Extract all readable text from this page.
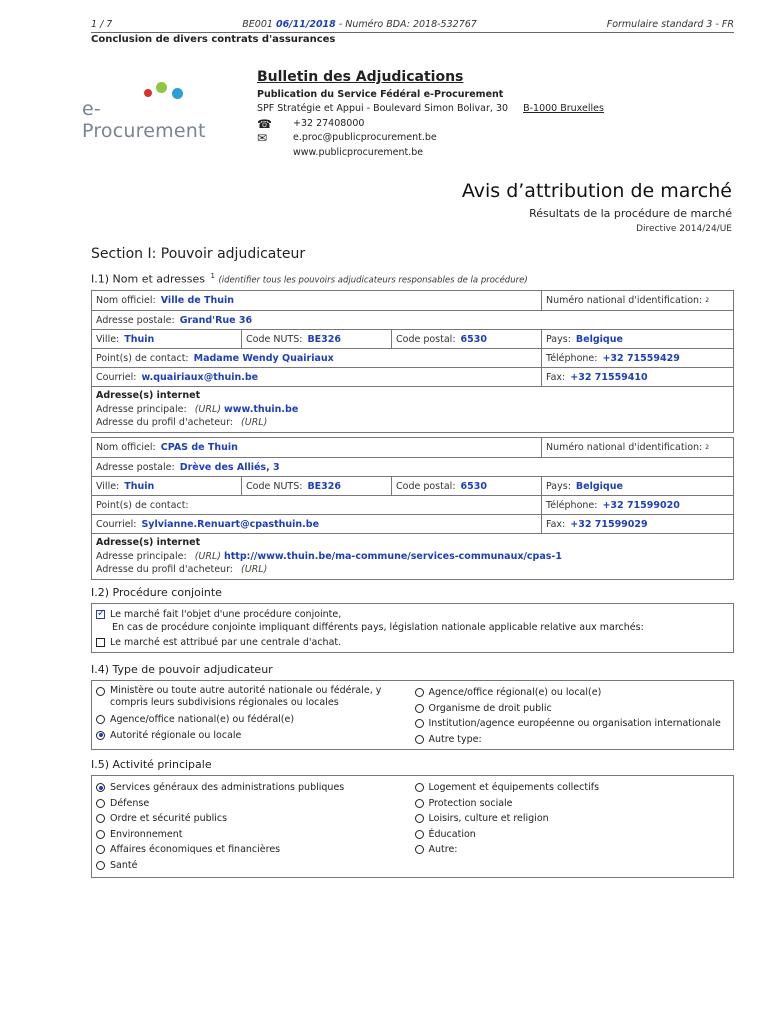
1 / 7	BE001 06/11/2018 - Numéro BDA: 2018-532767	Formulaire standard 3 - FR
Conclusion de divers contrats d'assurances
e-Procurement
Bulletin des Adjudications
Publication du Service Fédéral e-Procurement
SPF Stratégie et Appui - Boulevard Simon Bolivar, 30 B-1000 Bruxelles
☎ +32 27408000
✉	e.proc@publicprocurement.be
www.publicprocurement.be
Avis d’attribution de marché
Résultats de la procédure de marché
Directive 2014/24/UE
Section I: Pouvoir adjudicateur
I.1) Nom et adresses $^1$ (identifier tous les pouvoirs adjudicateurs responsables de la procédure)
Nom officiel: Ville de Thuin	Numéro national d'identification: 2
Adresse postale: Grand'Rue 36
Ville: Thuin	Code NUTS: BE326	Code postal: 6530	Pays: Belgique
Point(s) de contact: Madame Wendy Quairiaux	Téléphone: +32 71559429
Courriel: w.quairiaux@thuin.be	Fax: +32 71559410
Adresse(s) internet
Adresse principale: (URL) www.thuin.be
Adresse du profil d'acheteur: (URL)
Nom officiel: CPAS de Thuin	Numéro national d'identification: 2
Adresse postale: Drève des Alliés, 3
Ville: Thuin	Code NUTS: BE326	Code postal: 6530	Pays: Belgique
Point(s) de contact:	Téléphone: +32 71599020
Courriel: Sylvianne.Renuart@cpasthuin.be	Fax: +32 71599029
Adresse(s) internet
Adresse principale: (URL) http://www.thuin.be/ma-commune/services-communaux/cpas-1
Adresse du profil d'acheteur: (URL)
I.2) Procédure conjointe
✓ Le marché fait l'objet d'une procédure conjointe,
En cas de procédure conjointe impliquant différents pays, législation nationale applicable relative aux marchés:
Le marché est attribué par une centrale d'achat.
I.4) Type de pouvoir adjudicateur
Ministère ou toute autre autorité nationale ou fédérale, y compris leurs subdivisions régionales ou locales
Agence/office national(e) ou fédéral(e)
Autorité régionale ou locale
Agence/office régional(e) ou local(e)
Organisme de droit public
Institution/agence européenne ou organisation internationale
Autre type:
I.5) Activité principale
Services généraux des administrations publiques
Défense
Ordre et sécurité publics
Environnement
Affaires économiques et financières
Santé
Logement et équipements collectifs
Protection sociale
Loisirs, culture et religion
Éducation
Autre:
